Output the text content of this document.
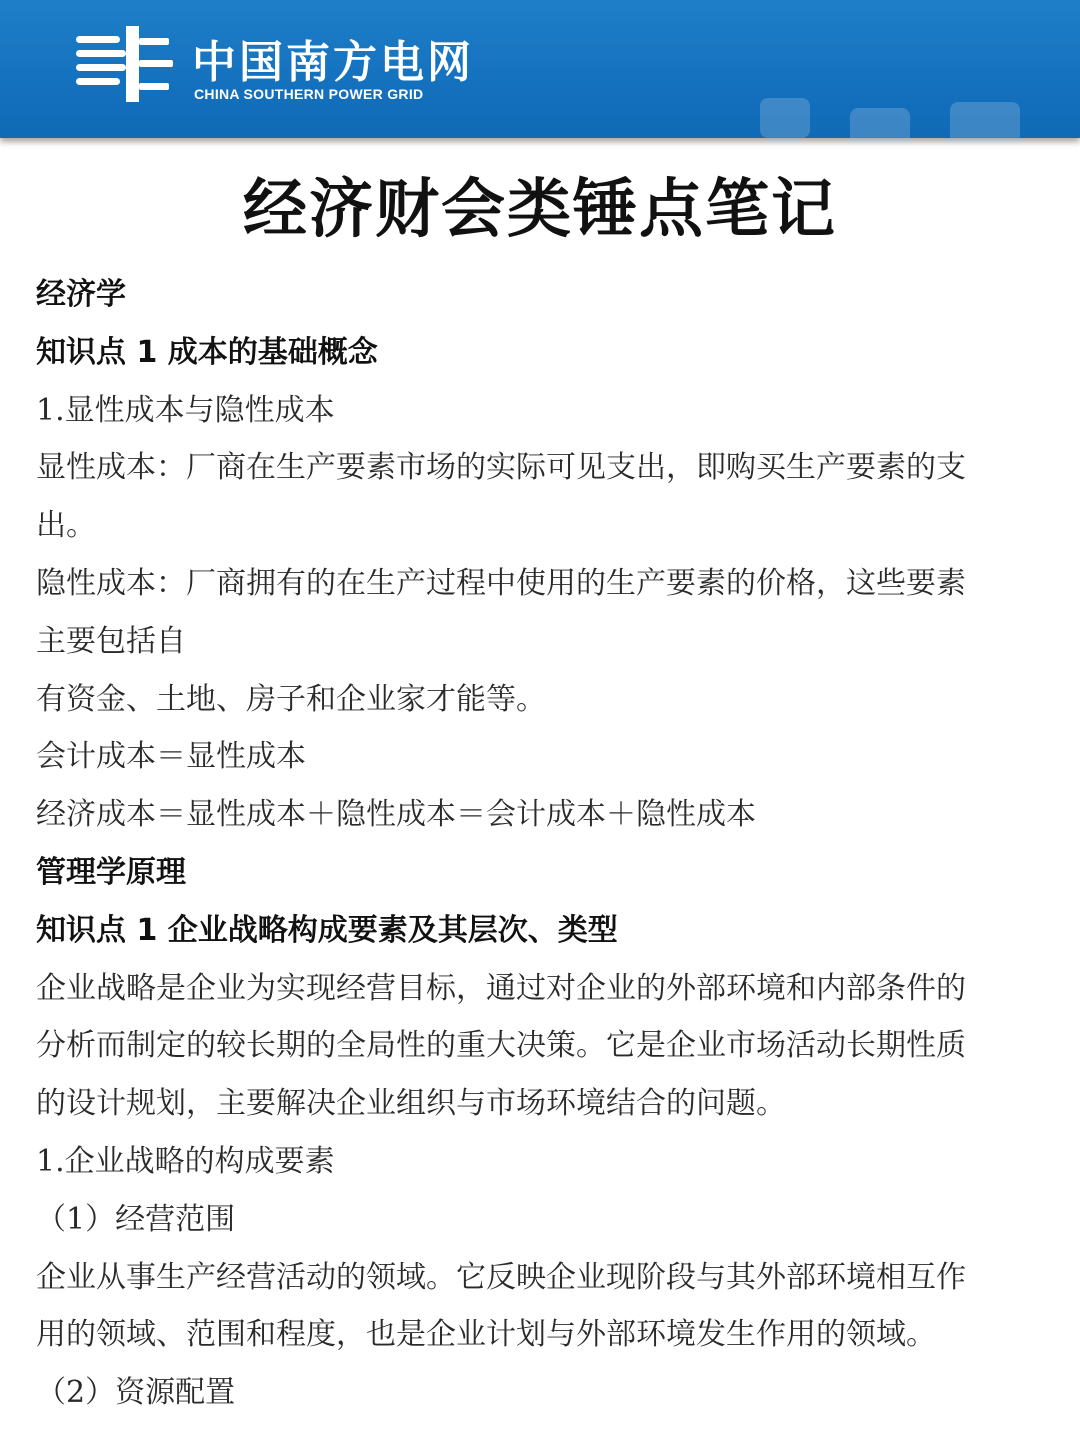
中国南方电网
CHINA SOUTHERN POWER GRID
经济财会类锤点笔记
经济学
知识点 1 成本的基础概念
1.显性成本与隐性成本
显性成本：厂商在生产要素市场的实际可见支出，即购买生产要素的支
出。
隐性成本：厂商拥有的在生产过程中使用的生产要素的价格，这些要素
主要包括自
有资金、土地、房子和企业家才能等。
会计成本＝显性成本
经济成本＝显性成本＋隐性成本＝会计成本＋隐性成本
管理学原理
知识点 1 企业战略构成要素及其层次、类型
企业战略是企业为实现经营目标，通过对企业的外部环境和内部条件的
分析而制定的较长期的全局性的重大决策。它是企业市场活动长期性质
的设计规划，主要解决企业组织与市场环境结合的问题。
1.企业战略的构成要素
（1）经营范围
企业从事生产经营活动的领域。它反映企业现阶段与其外部环境相互作
用的领域、范围和程度，也是企业计划与外部环境发生作用的领域。
（2）资源配置
